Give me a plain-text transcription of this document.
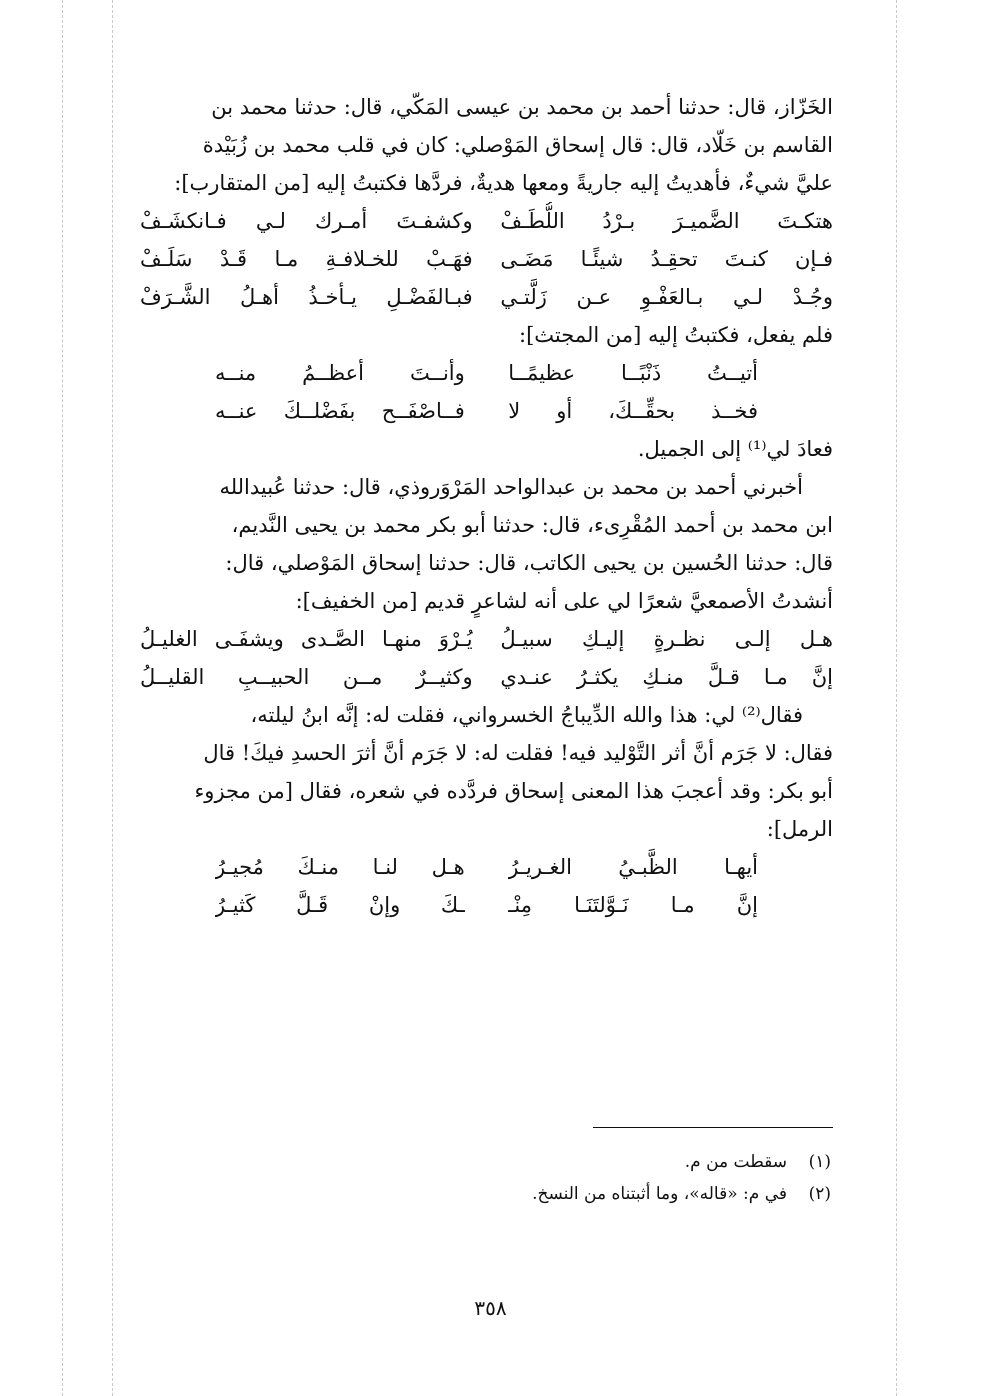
الخَزّاز، قال: حدثنا أحمد بن محمد بن عيسى المَكّي، قال: حدثنا محمد بن
القاسم بن خَلّاد، قال: قال إسحاق المَوْصلي: كان في قلب محمد بن زُبَيْدة
عليَّ شيءٌ، فأهديتُ إليه جاريةً ومعها هديةٌ، فردَّها فكتبتُ إليه [من المتقارب]:
هتكـتَ الضَّميـرَ بـرْدُ اللُّطَـفْ
وكشفـتَ أمـرك لـي فـانكشَـفْ
فـإن كنـتَ تحقِـدُ شيئًـا مَضَـى
فهَـبْ للخـلافـةِ مـا قَـدْ سَلَـفْ
وجُـدْ لـي بـالعَفْـوِ عـن زَلَّتـي
فبـالفَضْـلِ يـأخـذُ أهـلُ الشَّـرَفْ
فلم يفعل، فكتبتُ إليه [من المجتث]:
أتيــتُ ذَنْبًــا عظيمًــا
وأنــتَ أعظــمُ منــه
فخــذ بحقِّــكَ، أو لا
فــاصْفَــح بفَضْلــكَ عنــه
فعادَ لي⁽¹⁾ إلى الجميل.
أخبرني أحمد بن محمد بن عبدالواحد المَرْوَروذي، قال: حدثنا عُبيدالله
ابن محمد بن أحمد المُقْرِىء، قال: حدثنا أبو بكر محمد بن يحيى النَّديم،
قال: حدثنا الحُسين بن يحيى الكاتب، قال: حدثنا إسحاق المَوْصلي، قال:
أنشدتُ الأصمعيَّ شعرًا لي على أنه لشاعرٍ قديم [من الخفيف]:
هـل إلـى نظـرةٍ إليـكِ سبيـلُ
يُـرْوَ منهـا الصَّـدى ويشفَـى الغليـلُ
إنَّ مـا قـلَّ منـكِ يكثـرُ عنـدي
وكثيــرٌ مــن الحبيــبِ القليــلُ
فقال⁽²⁾ لي: هذا والله الدِّيباجُ الخسرواني، فقلت له: إنَّه ابنُ ليلته،
فقال: لا جَرَم أنَّ أثر التَّوْليد فيه! فقلت له: لا جَرَم أنَّ أثرَ الحسدِ فيكَ! قال
أبو بكر: وقد أعجبَ هذا المعنى إسحاق فردَّده في شعره، فقال [من مجزوء
الرمل]:
أيهـا الظَّبـيُ الغـريـرُ
هـل لنـا منـكَ مُجيـرُ
إنَّ مـا نَـوَّلتَنَـا مِنْـ
ـكَ وإنْ قَـلَّ كَثيـرُ
(١)سقطت من م.
(٢)في م: «قاله»، وما أثبتناه من النسخ.
٣٥٨
